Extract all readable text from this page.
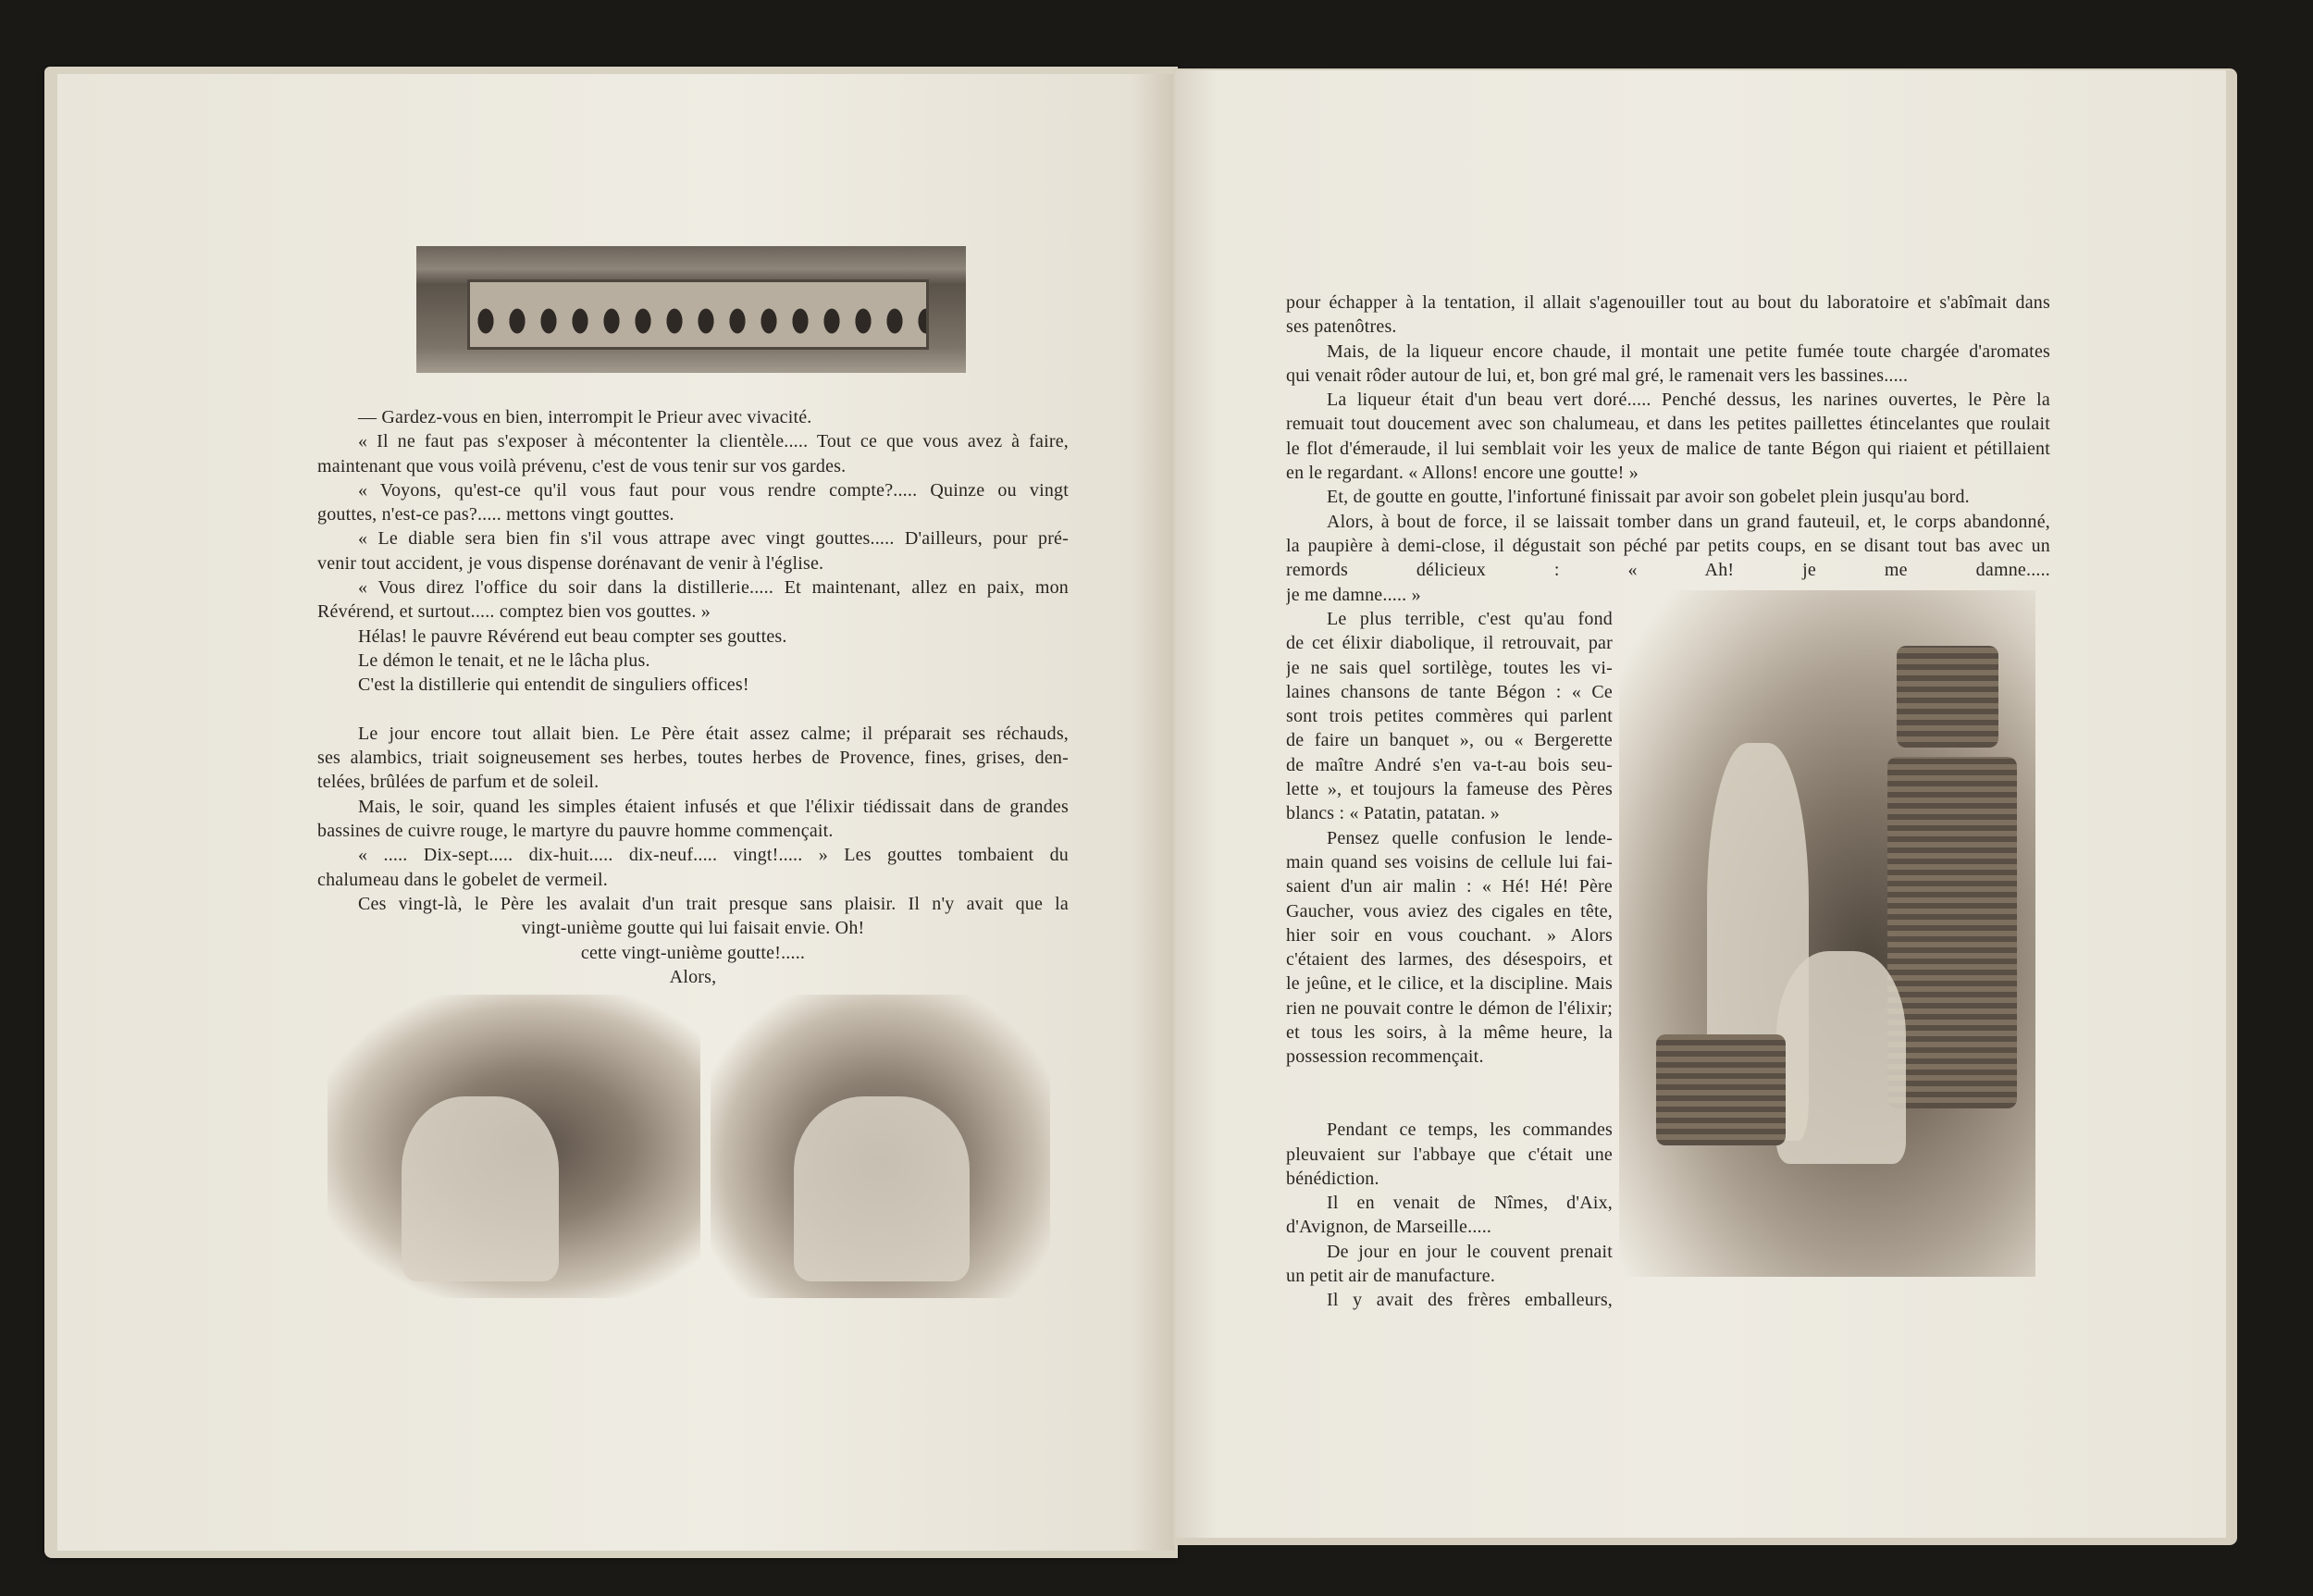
— Gardez-vous en bien, interrompit le Prieur avec vivacité.
« Il ne faut pas s'exposer à mécontenter la clientèle..... Tout ce que vous avez à faire,
maintenant que vous voilà prévenu, c'est de vous tenir sur vos gardes.
« Voyons, qu'est-ce qu'il vous faut pour vous rendre compte?..... Quinze ou vingt
gouttes, n'est-ce pas?..... mettons vingt gouttes.
« Le diable sera bien fin s'il vous attrape avec vingt gouttes..... D'ailleurs, pour pré-
venir tout accident, je vous dispense dorénavant de venir à l'église.
« Vous direz l'office du soir dans la distillerie..... Et maintenant, allez en paix, mon
Révérend, et surtout..... comptez bien vos gouttes. »
Hélas! le pauvre Révérend eut beau compter ses gouttes.
Le démon le tenait, et ne le lâcha plus.
C'est la distillerie qui entendit de singuliers offices!
Le jour encore tout allait bien. Le Père était assez calme; il préparait ses réchauds,
ses alambics, triait soigneusement ses herbes, toutes herbes de Provence, fines, grises, den-
telées, brûlées de parfum et de soleil.
Mais, le soir, quand les simples étaient infusés et que l'élixir tiédissait dans de grandes
bassines de cuivre rouge, le martyre du pauvre homme commençait.
« ..... Dix-sept..... dix-huit..... dix-neuf..... vingt!..... » Les gouttes tombaient du
chalumeau dans le gobelet de vermeil.
Ces vingt-là, le Père les avalait d'un trait presque sans plaisir. Il n'y avait que la
vingt-unième goutte qui lui faisait envie. Oh!
cette vingt-unième goutte!.....
Alors,
pour échapper à la tentation, il allait s'agenouiller tout au bout du laboratoire et s'abîmait dans
ses patenôtres.
Mais, de la liqueur encore chaude, il montait une petite fumée toute chargée d'aromates
qui venait rôder autour de lui, et, bon gré mal gré, le ramenait vers les bassines.....
La liqueur était d'un beau vert doré..... Penché dessus, les narines ouvertes, le Père la
remuait tout doucement avec son chalumeau, et dans les petites paillettes étincelantes que roulait
le flot d'émeraude, il lui semblait voir les yeux de malice de tante Bégon qui riaient et pétillaient
en le regardant. « Allons! encore une goutte! »
Et, de goutte en goutte, l'infortuné finissait par avoir son gobelet plein jusqu'au bord.
Alors, à bout de force, il se laissait tomber dans un grand fauteuil, et, le corps abandonné,
la paupière à demi-close, il dégustait son péché par petits coups, en se disant tout bas avec un
remords délicieux : « Ah! je me damne.....
je me damne..... »
Le plus terrible, c'est qu'au fond
de cet élixir diabolique, il retrouvait, par
je ne sais quel sortilège, toutes les vi-
laines chansons de tante Bégon : « Ce
sont trois petites commères qui parlent
de faire un banquet », ou « Bergerette
de maître André s'en va-t-au bois seu-
lette », et toujours la fameuse des Pères
blancs : « Patatin, patatan. »
Pensez quelle confusion le lende-
main quand ses voisins de cellule lui fai-
saient d'un air malin : « Hé! Hé! Père
Gaucher, vous aviez des cigales en tête,
hier soir en vous couchant. » Alors
c'étaient des larmes, des désespoirs, et
le jeûne, et le cilice, et la discipline. Mais
rien ne pouvait contre le démon de l'élixir;
et tous les soirs, à la même heure, la
possession recommençait.
Pendant ce temps, les commandes
pleuvaient sur l'abbaye que c'était une
bénédiction.
Il en venait de Nîmes, d'Aix,
d'Avignon, de Marseille.....
De jour en jour le couvent prenait
un petit air de manufacture.
Il y avait des frères emballeurs,
